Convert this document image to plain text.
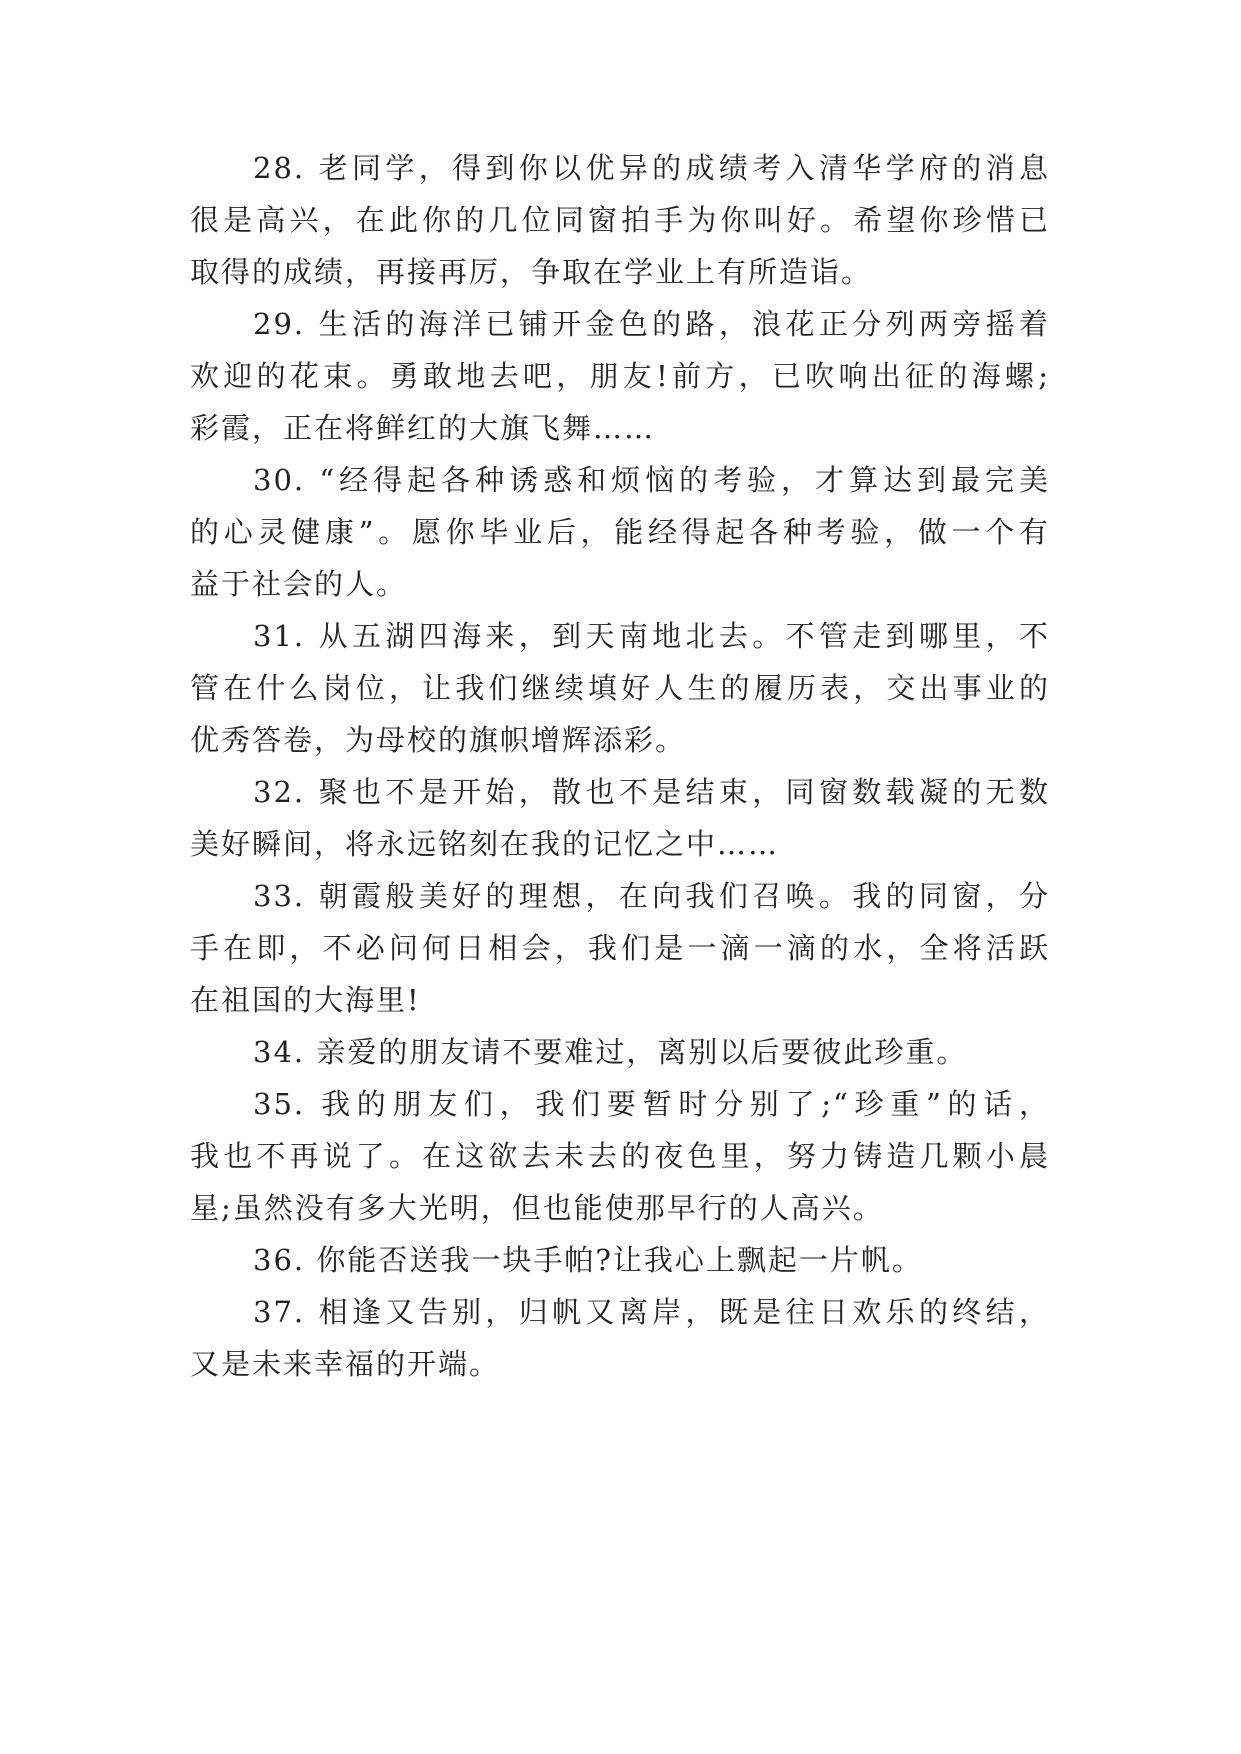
28. 老同学，得到你以优异的成绩考入清华学府的消息
很是高兴，在此你的几位同窗拍手为你叫好。希望你珍惜已
取得的成绩，再接再厉，争取在学业上有所造诣。
29. 生活的海洋已铺开金色的路，浪花正分列两旁摇着
欢迎的花束。勇敢地去吧，朋友!前方，已吹响出征的海螺;
彩霞，正在将鲜红的大旗飞舞……
30. “经得起各种诱惑和烦恼的考验，才算达到最完美
的心灵健康”。愿你毕业后，能经得起各种考验，做一个有
益于社会的人。
31. 从五湖四海来，到天南地北去。不管走到哪里，不
管在什么岗位，让我们继续填好人生的履历表，交出事业的
优秀答卷，为母校的旗帜增辉添彩。
32. 聚也不是开始，散也不是结束，同窗数载凝的无数
美好瞬间，将永远铭刻在我的记忆之中……
33. 朝霞般美好的理想，在向我们召唤。我的同窗，分
手在即，不必问何日相会，我们是一滴一滴的水，全将活跃
在祖国的大海里!
34. 亲爱的朋友请不要难过，离别以后要彼此珍重。
35. 我的朋友们，我们要暂时分别了;“珍重”的话，
我也不再说了。在这欲去未去的夜色里，努力铸造几颗小晨
星;虽然没有多大光明，但也能使那早行的人高兴。
36. 你能否送我一块手帕?让我心上飘起一片帆。
37. 相逢又告别，归帆又离岸，既是往日欢乐的终结，
又是未来幸福的开端。
